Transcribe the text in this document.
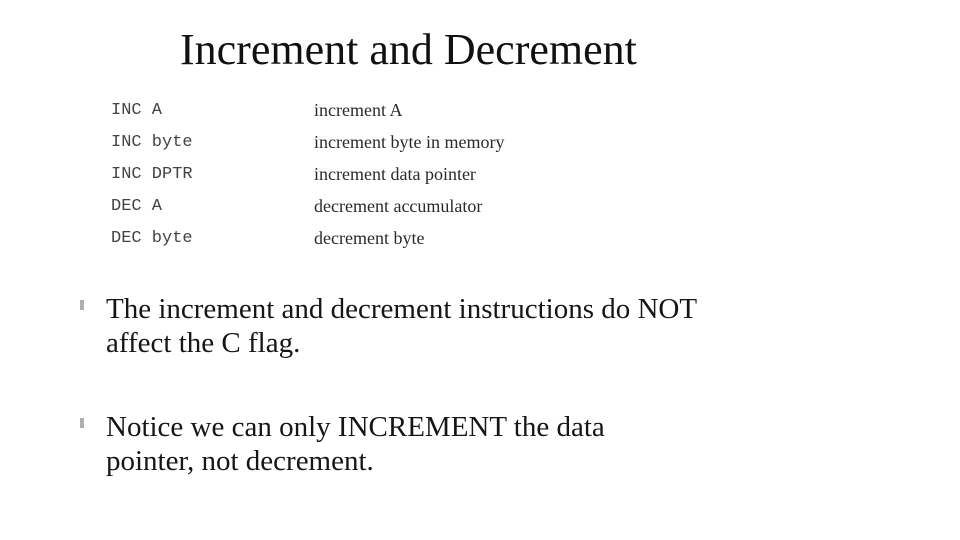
Increment and Decrement
INC A	increment A
INC byte	increment byte in memory
INC DPTR	increment data pointer
DEC A	decrement accumulator
DEC byte	decrement byte
The increment and decrement instructions do NOT
affect the C flag.
Notice we can only INCREMENT the data
pointer, not decrement.
